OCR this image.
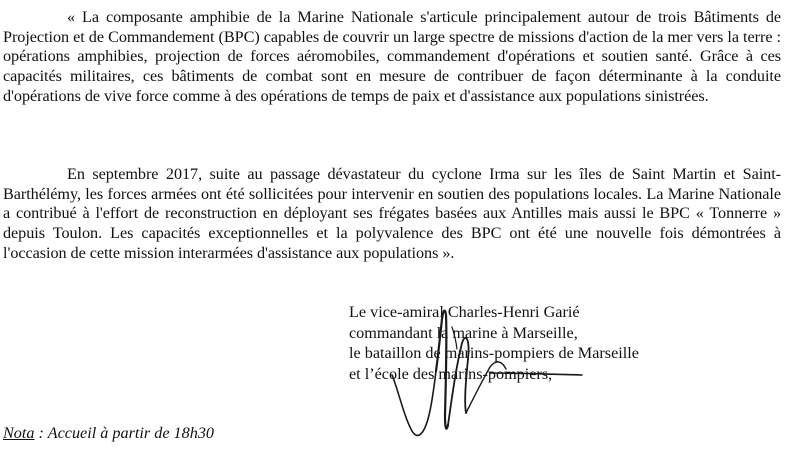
« La composante amphibie de la Marine Nationale s'articule principalement autour de trois Bâtiments de Projection et de Commandement (BPC) capables de couvrir un large spectre de missions d'action de la mer vers la terre : opérations amphibies, projection de forces aéromobiles, commandement d'opérations et soutien santé. Grâce à ces capacités militaires, ces bâtiments de combat sont en mesure de contribuer de façon déterminante à la conduite d'opérations de vive force comme à des opérations de temps de paix et d'assistance aux populations sinistrées.

En septembre 2017, suite au passage dévastateur du cyclone Irma sur les îles de Saint Martin et Saint-Barthélémy, les forces armées ont été sollicitées pour intervenir en soutien des populations locales. La Marine Nationale a contribué à l'effort de reconstruction en déployant ses frégates basées aux Antilles mais aussi le BPC « Tonnerre » depuis Toulon. Les capacités exceptionnelles et la polyvalence des BPC ont été une nouvelle fois démontrées à l'occasion de cette mission interarmées d'assistance aux populations ».

Le vice-amiral Charles-Henri Garié
commandant la marine à Marseille,
le bataillon de marins-pompiers de Marseille
et l’école des marins-pompiers,
Nota : Accueil à partir de 18h30
